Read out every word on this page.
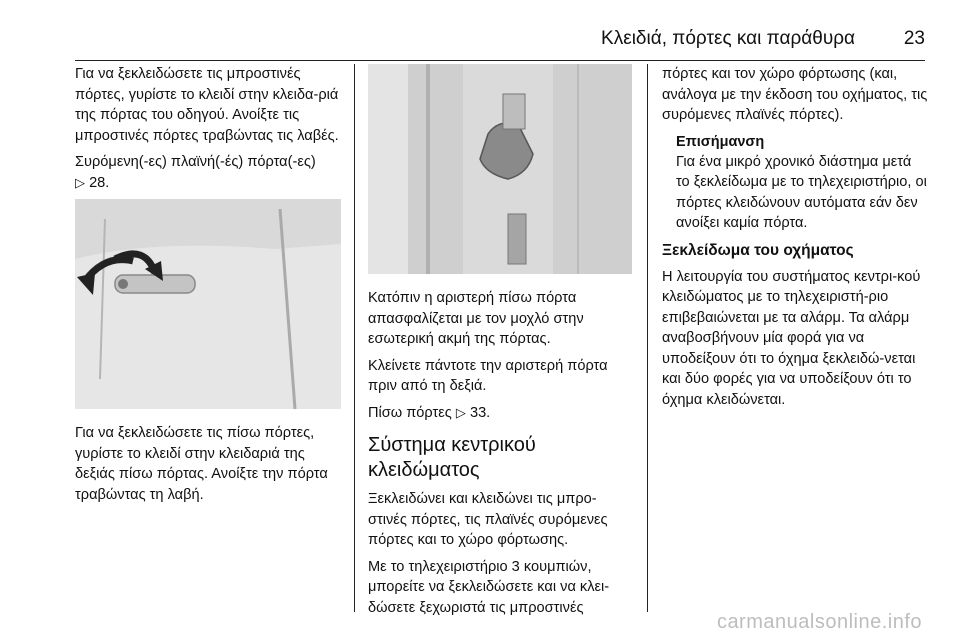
Κλειδιά, πόρτες και παράθυρα	23

Για να ξεκλειδώσετε τις μπροστινές πόρτες, γυρίστε το κλειδί στην κλειδα-ριά της πόρτας του οδηγού. Ανοίξτε τις μπροστινές πόρτες τραβώντας τις λαβές.

Συρόμενη(-ες) πλαϊνή(-ές) πόρτα(-ες)
▷ 28.

Για να ξεκλειδώσετε τις πίσω πόρτες, γυρίστε το κλειδί στην κλειδαριά της δεξιάς πίσω πόρτας. Ανοίξτε την πόρτα τραβώντας τη λαβή.

Κατόπιν η αριστερή πίσω πόρτα απασφαλίζεται με τον μοχλό στην εσωτερική ακμή της πόρτας.

Κλείνετε πάντοτε την αριστερή πόρτα πριν από τη δεξιά.

Πίσω πόρτες ▷ 33.

Σύστημα κεντρικού κλειδώματος

Ξεκλειδώνει και κλειδώνει τις μπρο-στινές πόρτες, τις πλαϊνές συρόμενες πόρτες και το χώρο φόρτωσης.

Με το τηλεχειριστήριο 3 κουμπιών, μπορείτε να ξεκλειδώσετε και να κλει-δώσετε ξεχωριστά τις μπροστινές

πόρτες και τον χώρο φόρτωσης (και, ανάλογα με την έκδοση του οχήματος, τις συρόμενες πλαϊνές πόρτες).

Επισήμανση

Για ένα μικρό χρονικό διάστημα μετά το ξεκλείδωμα με το τηλεχειριστήριο, οι πόρτες κλειδώνουν αυτόματα εάν δεν ανοίξει καμία πόρτα.

Ξεκλείδωμα του οχήματος

Η λειτουργία του συστήματος κεντρι-κού κλειδώματος με το τηλεχειριστή-ριο επιβεβαιώνεται με τα αλάρμ. Τα αλάρμ αναβοσβήνουν μία φορά για να υποδείξουν ότι το όχημα ξεκλειδώ-νεται και δύο φορές για να υποδείξουν ότι το όχημα κλειδώνεται.

carmanualsonline.info
